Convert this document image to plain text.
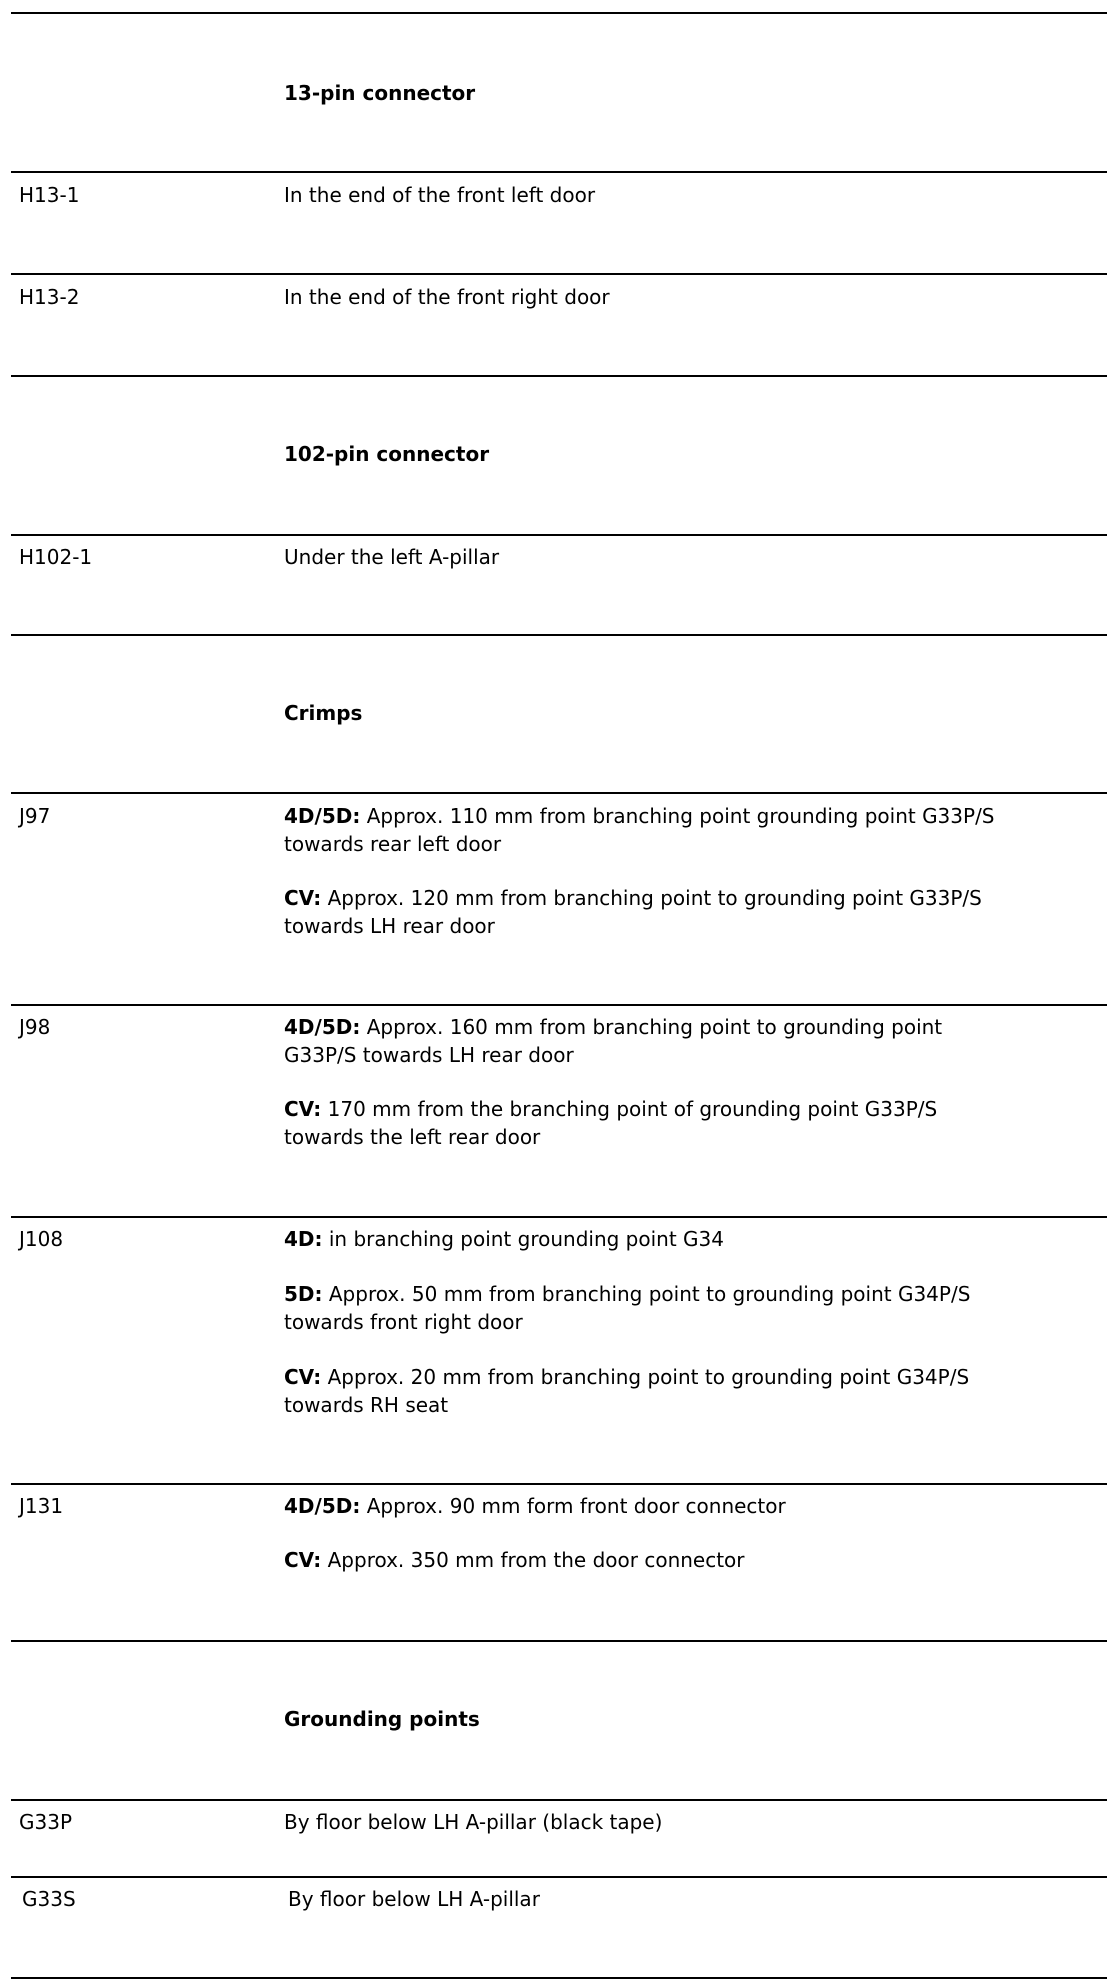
13-pin connector
H13-1	In the end of the front left door
H13-2	In the end of the front right door
102-pin connector
H102-1	Under the left A-pillar
Crimps
J97	4D/5D: Approx. 110 mm from branching point grounding point G33P/S
towards rear left door
CV: Approx. 120 mm from branching point to grounding point G33P/S
towards LH rear door
J98	4D/5D: Approx. 160 mm from branching point to grounding point
G33P/S towards LH rear door
CV: 170 mm from the branching point of grounding point G33P/S
towards the left rear door
J108	4D: in branching point grounding point G34
5D: Approx. 50 mm from branching point to grounding point G34P/S
towards front right door
CV: Approx. 20 mm from branching point to grounding point G34P/S
towards RH seat
J131	4D/5D: Approx. 90 mm form front door connector
CV: Approx. 350 mm from the door connector
Grounding points
G33P	By floor below LH A-pillar (black tape)
G33S	By floor below LH A-pillar
